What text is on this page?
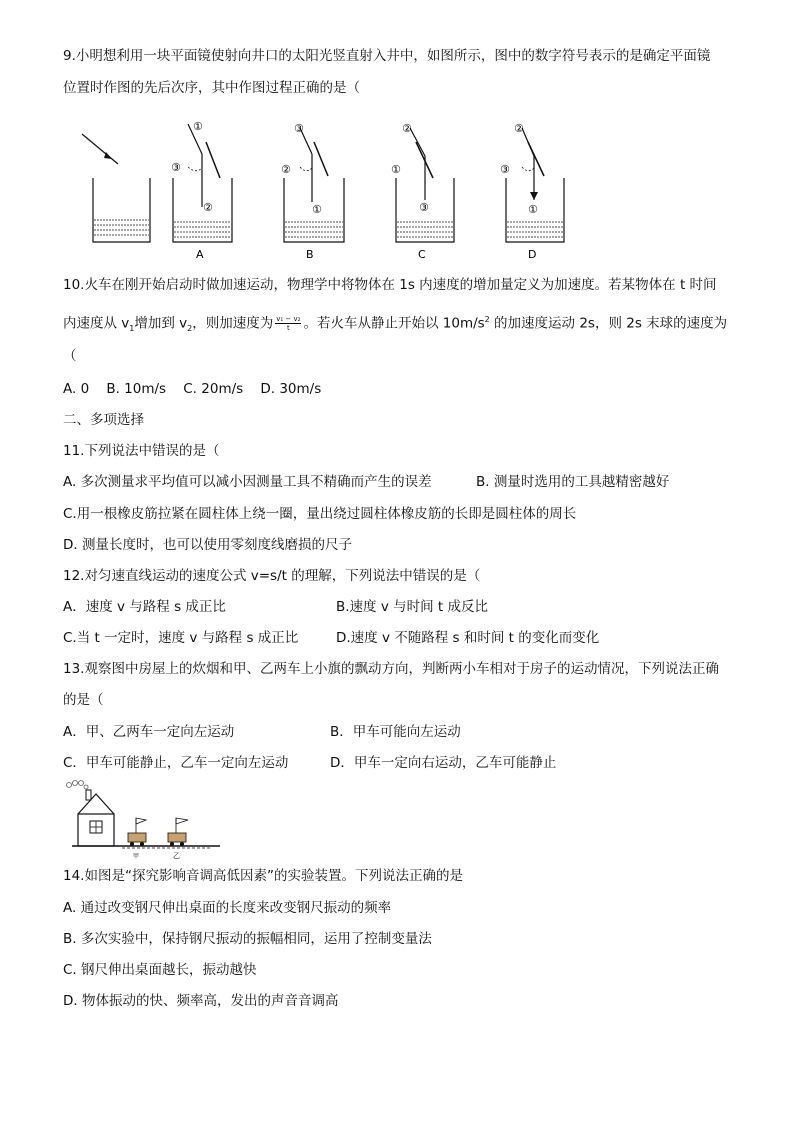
9.小明想利用一块平面镜使射向井口的太阳光竖直射入井中，如图所示，图中的数字符号表示的是确定平面镜
位置时作图的先后次序，其中作图过程正确的是（
①
②
③
A
③
②
①
B
②
①
③
C
②
③
①
D
10.火车在刚开始启动时做加速运动，物理学中将物体在 1s 内速度的增加量定义为加速度。若某物体在 t 时间
内速度从 $v_1$增加到 $v_2$，则加速度为 $\frac{\text{v₁ − v₂}}{t}$ 。若火车从静止开始以 $10m/s^2$ 的加速度运动 2s，则 2s 末球的速度为
（
A. 0    B. 10m/s    C. 20m/s    D. 30m/s
二、多项选择
11.下列说法中错误的是（
A. 多次测量求平均值可以减小因测量工具不精确而产生的误差	B. 测量时选用的工具越精密越好
C.用一根橡皮筋拉紧在圆柱体上绕一圈，量出绕过圆柱体橡皮筋的长即是圆柱体的周长
D. 测量长度时，也可以使用零刻度线磨损的尺子
12.对匀速直线运动的速度公式 v=s/t 的理解，下列说法中错误的是（
A．速度 v 与路程 s 成正比	B.速度 v 与时间 t 成反比
C.当 t 一定时，速度 v 与路程 s 成正比	D.速度 v 不随路程 s 和时间 t 的变化而变化
13.观察图中房屋上的炊烟和甲、乙两车上小旗的飘动方向，判断两小车相对于房子的运动情况，下列说法正确
的是（
A．甲、乙两车一定向左运动	B．甲车可能向左运动
C．甲车可能静止，乙车一定向左运动	D．甲车一定向右运动，乙车可能静止
甲	乙
14.如图是“探究影响音调高低因素”的实验装置。下列说法正确的是
A. 通过改变钢尺伸出桌面的长度来改变钢尺振动的频率
B. 多次实验中，保持钢尺振动的振幅相同，运用了控制变量法
C. 钢尺伸出桌面越长，振动越快
D. 物体振动的快、频率高，发出的声音音调高
